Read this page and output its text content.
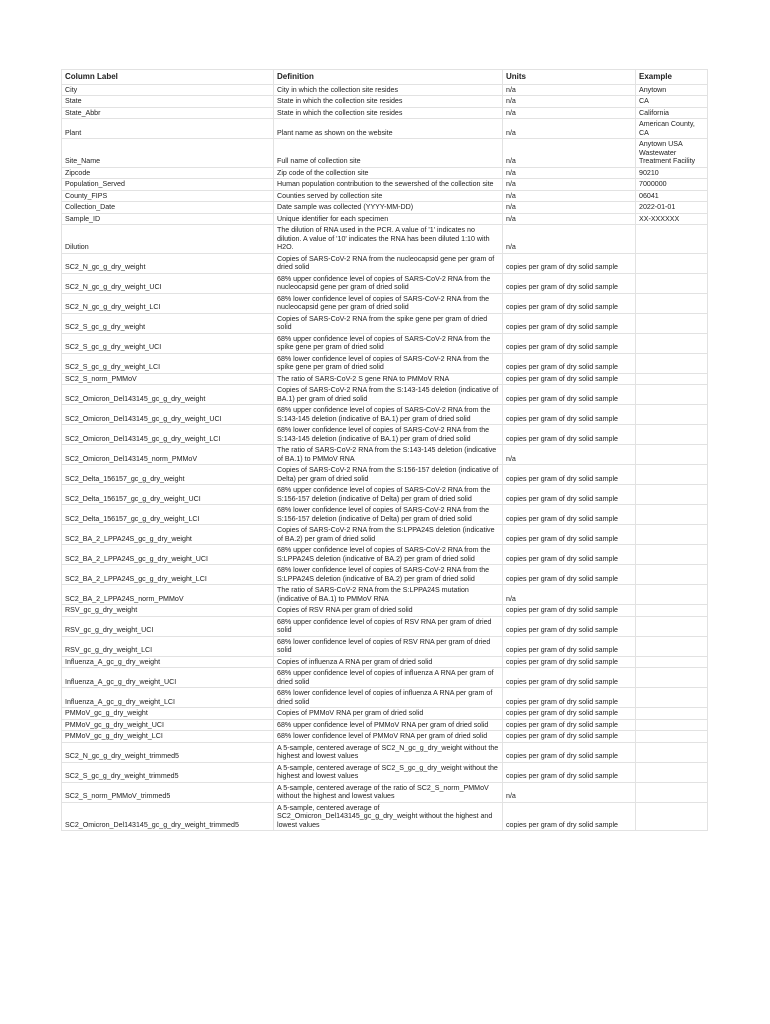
Column Label	Definition	Units	Example
City	City in which the collection site resides	n/a	Anytown
State	State in which the collection site resides	n/a	CA
State_Abbr	State in which the collection site resides	n/a	California
Plant	Plant name as shown on the website	n/a	American County, CA
Site_Name	Full name of collection site	n/a	Anytown USA Wastewater Treatment Facility
Zipcode	Zip code of the collection site	n/a	90210
Population_Served	Human population contribution to the sewershed of the collection site	n/a	7000000
County_FIPS	Counties served by collection site	n/a	06041
Collection_Date	Date sample was collected (YYYY-MM-DD)	n/a	2022-01-01
Sample_ID	Unique identifier for each specimen	n/a	XX-XXXXXX
Dilution	The dilution of RNA used in the PCR. A value of '1' indicates no dilution. A value of '10' indicates the RNA has been diluted 1:10 with H2O.	n/a	
SC2_N_gc_g_dry_weight	Copies of SARS-CoV-2 RNA from the nucleocapsid gene per gram of dried solid	copies per gram of dry solid sample	
SC2_N_gc_g_dry_weight_UCI	68% upper confidence level of copies of SARS-CoV-2 RNA from the nucleocapsid gene per gram of dried solid	copies per gram of dry solid sample	
SC2_N_gc_g_dry_weight_LCI	68% lower confidence level of copies of SARS-CoV-2 RNA from the nucleocapsid gene per gram of dried solid	copies per gram of dry solid sample	
SC2_S_gc_g_dry_weight	Copies of SARS-CoV-2 RNA from the spike gene per gram of dried solid	copies per gram of dry solid sample	
SC2_S_gc_g_dry_weight_UCI	68% upper confidence level of copies of SARS-CoV-2 RNA from the spike gene per gram of dried solid	copies per gram of dry solid sample	
SC2_S_gc_g_dry_weight_LCI	68% lower confidence level of copies of SARS-CoV-2 RNA from the spike gene per gram of dried solid	copies per gram of dry solid sample	
SC2_S_norm_PMMoV	The ratio of SARS-CoV-2 S gene RNA to PMMoV RNA	copies per gram of dry solid sample	
SC2_Omicron_Del143145_gc_g_dry_weight	Copies of SARS-CoV-2 RNA from the S:143-145 deletion (indicative of BA.1) per gram of dried solid	copies per gram of dry solid sample	
SC2_Omicron_Del143145_gc_g_dry_weight_UCI	68% upper confidence level of copies of SARS-CoV-2 RNA from the S:143-145 deletion (indicative of BA.1) per gram of dried solid	copies per gram of dry solid sample	
SC2_Omicron_Del143145_gc_g_dry_weight_LCI	68% lower confidence level of copies of SARS-CoV-2 RNA from the S:143-145 deletion (indicative of BA.1) per gram of dried solid	copies per gram of dry solid sample	
SC2_Omicron_Del143145_norm_PMMoV	The ratio of SARS-CoV-2 RNA from the S:143-145 deletion (indicative of BA.1) to PMMoV RNA	n/a	
SC2_Delta_156157_gc_g_dry_weight	Copies of SARS-CoV-2 RNA from the S:156-157 deletion (indicative of Delta) per gram of dried solid	copies per gram of dry solid sample	
SC2_Delta_156157_gc_g_dry_weight_UCI	68% upper confidence level of copies of SARS-CoV-2 RNA from the S:156-157 deletion (indicative of Delta) per gram of dried solid	copies per gram of dry solid sample	
SC2_Delta_156157_gc_g_dry_weight_LCI	68% lower confidence level of copies of SARS-CoV-2 RNA from the S:156-157 deletion (indicative of Delta) per gram of dried solid	copies per gram of dry solid sample	
SC2_BA_2_LPPA24S_gc_g_dry_weight	Copies of SARS-CoV-2 RNA from the S:LPPA24S deletion (indicative of BA.2) per gram of dried solid	copies per gram of dry solid sample	
SC2_BA_2_LPPA24S_gc_g_dry_weight_UCI	68% upper confidence level of copies of SARS-CoV-2 RNA from the S:LPPA24S deletion (indicative of BA.2) per gram of dried solid	copies per gram of dry solid sample	
SC2_BA_2_LPPA24S_gc_g_dry_weight_LCI	68% lower confidence level of copies of SARS-CoV-2 RNA from the S:LPPA24S deletion (indicative of BA.2) per gram of dried solid	copies per gram of dry solid sample	
SC2_BA_2_LPPA24S_norm_PMMoV	The ratio of SARS-CoV-2 RNA from the S:LPPA24S mutation (indicative of BA.1) to PMMoV RNA	n/a	
RSV_gc_g_dry_weight	Copies of RSV RNA per gram of dried solid	copies per gram of dry solid sample	
RSV_gc_g_dry_weight_UCI	68% upper confidence level of copies of RSV RNA per gram of dried solid	copies per gram of dry solid sample	
RSV_gc_g_dry_weight_LCI	68% lower confidence level of copies of RSV RNA per gram of dried solid	copies per gram of dry solid sample	
Influenza_A_gc_g_dry_weight	Copies of influenza A RNA per gram of dried solid	copies per gram of dry solid sample	
Influenza_A_gc_g_dry_weight_UCI	68% upper confidence level of copies of influenza A RNA per gram of dried solid	copies per gram of dry solid sample	
Influenza_A_gc_g_dry_weight_LCI	68% lower confidence level of copies of influenza A RNA per gram of dried solid	copies per gram of dry solid sample	
PMMoV_gc_g_dry_weight	Copies of PMMoV RNA per gram of dried solid	copies per gram of dry solid sample	
PMMoV_gc_g_dry_weight_UCI	68% upper confidence level of PMMoV RNA per gram of dried solid	copies per gram of dry solid sample	
PMMoV_gc_g_dry_weight_LCI	68% lower confidence level of PMMoV RNA per gram of dried solid	copies per gram of dry solid sample	
SC2_N_gc_g_dry_weight_trimmed5	A 5-sample, centered average of SC2_N_gc_g_dry_weight without the highest and lowest values	copies per gram of dry solid sample	
SC2_S_gc_g_dry_weight_trimmed5	A 5-sample, centered average of SC2_S_gc_g_dry_weight without the highest and lowest values	copies per gram of dry solid sample	
SC2_S_norm_PMMoV_trimmed5	A 5-sample, centered average of the ratio of SC2_S_norm_PMMoV without the highest and lowest values	n/a	
SC2_Omicron_Del143145_gc_g_dry_weight_trimmed5	A 5-sample, centered average of SC2_Omicron_Del143145_gc_g_dry_weight without the highest and lowest values	copies per gram of dry solid sample	
